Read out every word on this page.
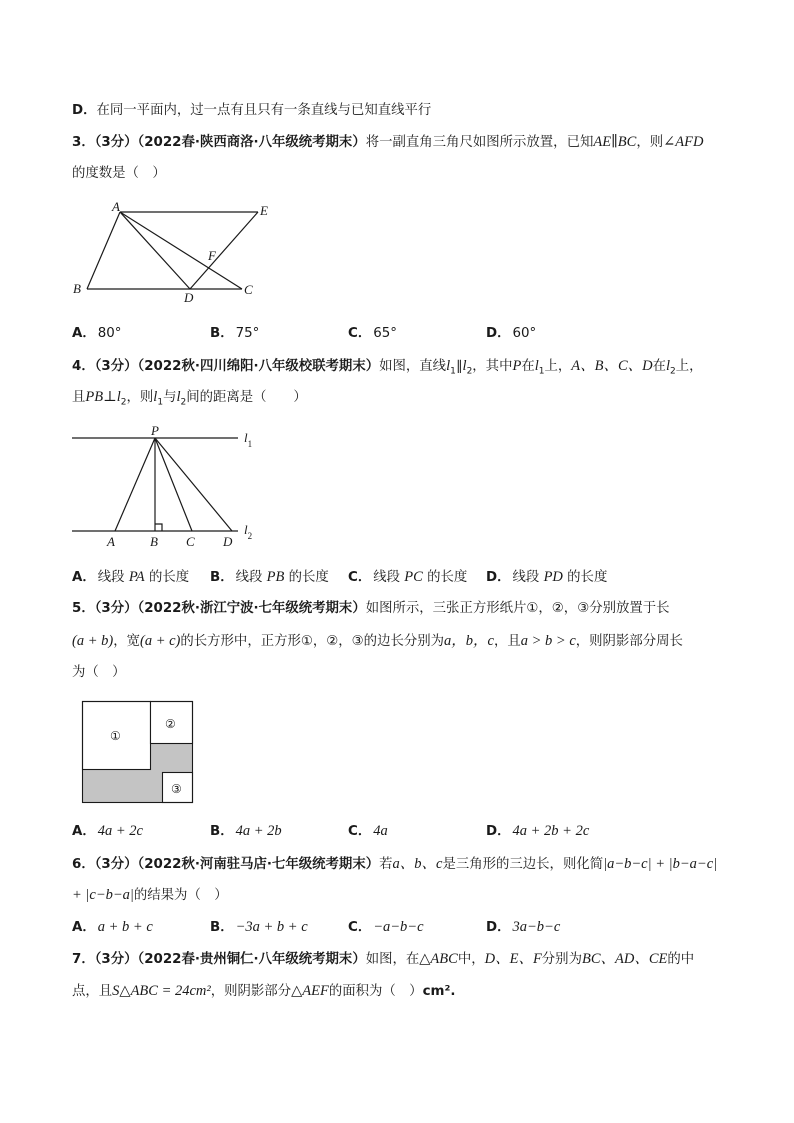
D．在同一平面内，过一点有且只有一条直线与已知直线平行
3．（3分）（2022春·陕西商洛·八年级统考期末）将一副直角三角尺如图所示放置，已知AE∥BC，则∠AFD
的度数是（　）
A	E
F
B
D
C
A． 80°	B． 75°	C． 65°	D． 60°
4．（3分）（2022秋·四川绵阳·八年级校联考期末）如图，直线$l_1\parallel l_2$，其中P在$l_1$上，A、B、C、D在$l_2$上，
且$PB\perp l_2$，则$l_1$与$l_2$间的距离是（　　）
P	$l_1$
$l_2$
A	B C D
A． 线段 PA 的长度 B． 线段 PB 的长度 C． 线段 PC 的长度 D． 线段 PD 的长度
5．（3分）（2022秋·浙江宁波·七年级统考期末）如图所示，三张正方形纸片①，②，③分别放置于长
(a + b)，宽(a + c)的长方形中，正方形①，②，③的边长分别为a，b，c，且a > b > c，则阴影部分周长
为（　）
①
②
③
A． 4a + 2c	B． 4a + 2b	C． 4a	D． 4a + 2b + 2c
6．（3分）（2022秋·河南驻马店·七年级统考期末）若a、b、c是三角形的三边长，则化简|a−b−c| + |b−a−c|
+ |c−b−a|的结果为（　）
A． a + b + c	B． −3a + b + c	C． −a−b−c	D． 3a−b−c
7．（3分）（2022春·贵州铜仁·八年级统考期末）如图，在△ABC中，D、E、F分别为BC、AD、CE的中
点，且S△ABC = 24cm²，则阴影部分△AEF的面积为（　）cm².
